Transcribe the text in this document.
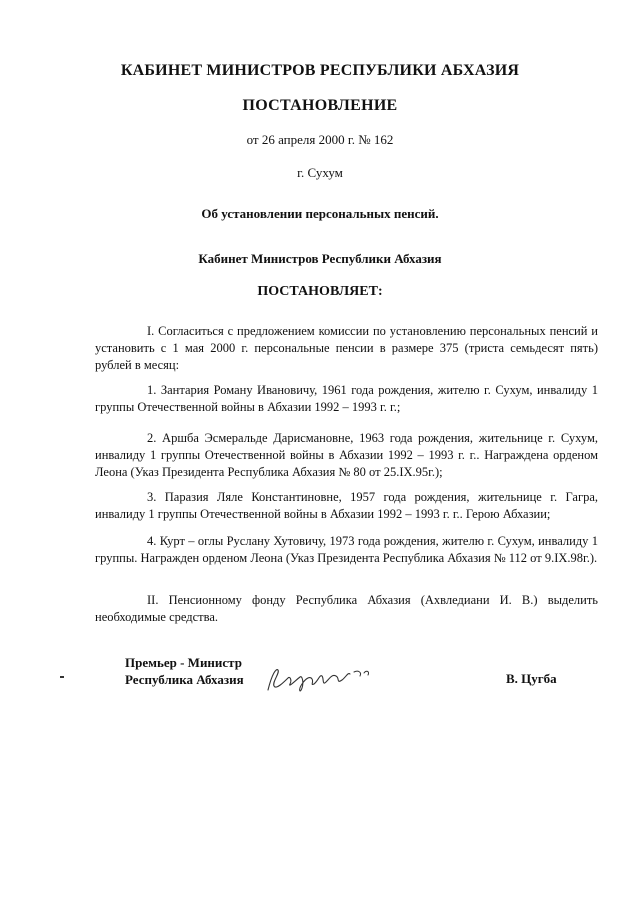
КАБИНЕТ МИНИСТРОВ РЕСПУБЛИКИ АБХАЗИЯ
ПОСТАНОВЛЕНИЕ
от 26 апреля 2000 г. № 162
г. Сухум
Об установлении персональных пенсий.
Кабинет Министров Республики Абхазия
ПОСТАНОВЛЯЕТ:

I. Согласиться с предложением комиссии по установлению персональных пенсий и установить с 1 мая 2000 г. персональные пенсии в размере 375 (триста семьдесят пять) рублей в месяц:

1. Зантария Роману Ивановичу, 1961 года рождения, жителю г. Сухум, инвалиду 1 группы Отечественной войны в Абхазии 1992 – 1993 г. г.;

2. Аршба Эсмеральде Дарисмановне, 1963 года рождения, жительнице г. Сухум, инвалиду 1 группы Отечественной войны в Абхазии 1992 – 1993 г. г.. Награждена орденом Леона (Указ Президента Республика Абхазия № 80 от 25.IX.95г.);

3. Паразия Ляле Константиновне, 1957 года рождения, жительнице г. Гагра, инвалиду 1 группы Отечественной войны в Абхазии 1992 – 1993 г. г.. Герою Абхазии;

4. Курт – оглы Руслану Хутовичу, 1973 года рождения, жителю г. Сухум, инвалиду 1 группы. Награжден орденом Леона (Указ Президента Республика Абхазия № 112 от 9.IX.98г.).

II. Пенсионному фонду Республика Абхазия (Ахвледиани И. В.) выделить необходимые средства.

Премьер - Министр
Республика Абхазия	В. Цугба
